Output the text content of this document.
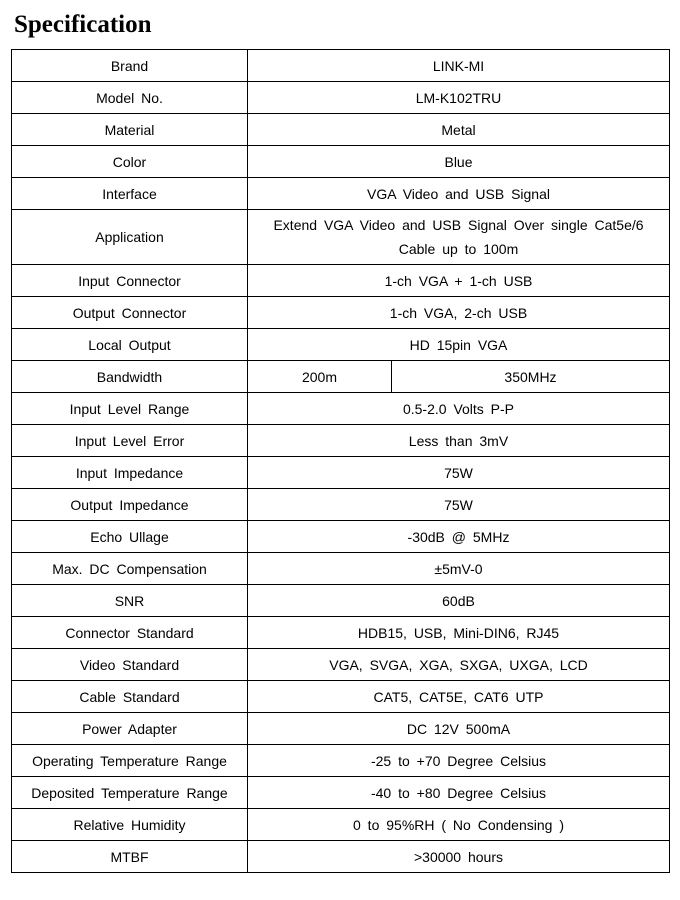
Specification
Brand	LINK-MI	
Model No.	LM-K102TRU	
Material	Metal	
Color	Blue	
Interface	VGA Video and USB Signal	
Application	Extend VGA Video and USB Signal Over single Cat5e/6 Cable up to 100m	
Input Connector	1-ch VGA + 1-ch USB	
Output Connector	1-ch VGA, 2-ch USB	
Local Output	HD 15pin VGA	
Bandwidth	200m	350MHz
Input Level Range	0.5-2.0 Volts P-P	
Input Level Error	Less than 3mV	
Input Impedance	75W	
Output Impedance	75W	
Echo Ullage	-30dB @ 5MHz	
Max. DC Compensation	±5mV-0	
SNR	60dB	
Connector Standard	HDB15, USB, Mini-DIN6, RJ45	
Video Standard	VGA, SVGA, XGA, SXGA, UXGA, LCD	
Cable Standard	CAT5, CAT5E, CAT6 UTP	
Power Adapter	DC 12V 500mA	
Operating Temperature Range	-25 to +70 Degree Celsius	
Deposited Temperature Range	-40 to +80 Degree Celsius	
Relative Humidity	0 to 95%RH ( No Condensing )	
MTBF	>30000 hours	
